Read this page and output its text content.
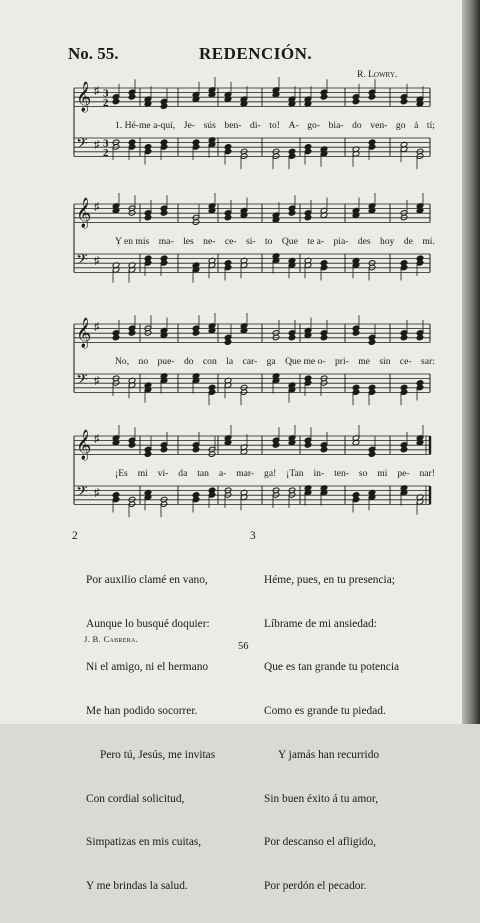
No. 55.	REDENCIÓN.
R. Lowry.
𝄞 ♯ 3
2
𝄢 ♯ 3
2
1. Hé-me a-quí, Je- sús ben- di- to! A- go- bia- do ven- go á tí;
𝄞 ♯
𝄢 ♯
Y en mis ma- les ne- ce- si- to Que te a- pia- des hoy de mí.
𝄞 ♯
𝄢 ♯
No, no pue- do con la car- ga Que me o- pri- me sin ce- sar:
𝄞 ♯
𝄢 ♯
¡Es mi vi- da tan a- mar- ga! ¡Tan in- ten- so mi pe- nar!

2

Por auxilio clamé en vano,

Aunque lo busqué doquier:

Ni el amigo, ni el hermano

Me han podido socorrer.

Pero tú, Jesús, me invitas

Con cordial solicitud,

Simpatizas en mis cuitas,

Y me brindas la salud.

3

Héme, pues, en tu presencia;

Líbrame de mi ansiedad:

Que es tan grande tu potencia

Como es grande tu piedad.

Y jamás han recurrido

Sin buen éxito á tu amor,

Por descanso el afligido,

Por perdón el pecador.

J. B. Cabrera.
56
